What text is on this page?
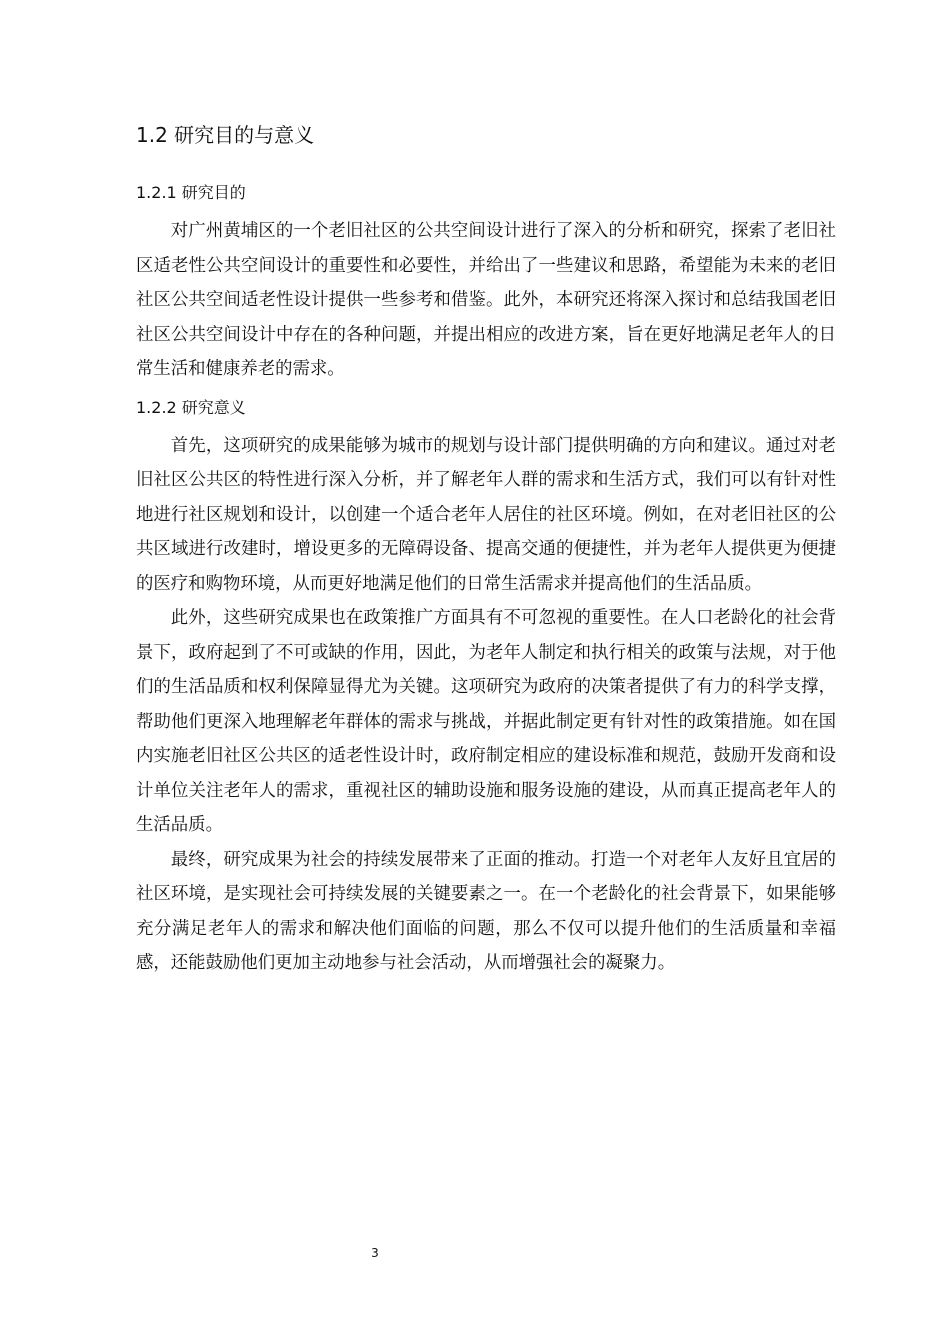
1.2 研究目的与意义
1.2.1 研究目的

对广州黄埔区的一个老旧社区的公共空间设计进行了深入的分析和研究，探索了老旧社区适老性公共空间设计的重要性和必要性，并给出了一些建议和思路，希望能为未来的老旧社区公共空间适老性设计提供一些参考和借鉴。此外，本研究还将深入探讨和总结我国老旧社区公共空间设计中存在的各种问题，并提出相应的改进方案，旨在更好地满足老年人的日常生活和健康养老的需求。

1.2.2 研究意义

首先，这项研究的成果能够为城市的规划与设计部门提供明确的方向和建议。通过对老旧社区公共区的特性进行深入分析，并了解老年人群的需求和生活方式，我们可以有针对性地进行社区规划和设计，以创建一个适合老年人居住的社区环境。例如，在对老旧社区的公共区域进行改建时，增设更多的无障碍设备、提高交通的便捷性，并为老年人提供更为便捷的医疗和购物环境，从而更好地满足他们的日常生活需求并提高他们的生活品质。

此外，这些研究成果也在政策推广方面具有不可忽视的重要性。在人口老龄化的社会背景下，政府起到了不可或缺的作用，因此，为老年人制定和执行相关的政策与法规，对于他们的生活品质和权利保障显得尤为关键。这项研究为政府的决策者提供了有力的科学支撑，帮助他们更深入地理解老年群体的需求与挑战，并据此制定更有针对性的政策措施。如在国内实施老旧社区公共区的适老性设计时，政府制定相应的建设标准和规范，鼓励开发商和设计单位关注老年人的需求，重视社区的辅助设施和服务设施的建设，从而真正提高老年人的生活品质。

最终，研究成果为社会的持续发展带来了正面的推动。打造一个对老年人友好且宜居的社区环境，是实现社会可持续发展的关键要素之一。在一个老龄化的社会背景下，如果能够充分满足老年人的需求和解决他们面临的问题，那么不仅可以提升他们的生活质量和幸福感，还能鼓励他们更加主动地参与社会活动，从而增强社会的凝聚力。

3
